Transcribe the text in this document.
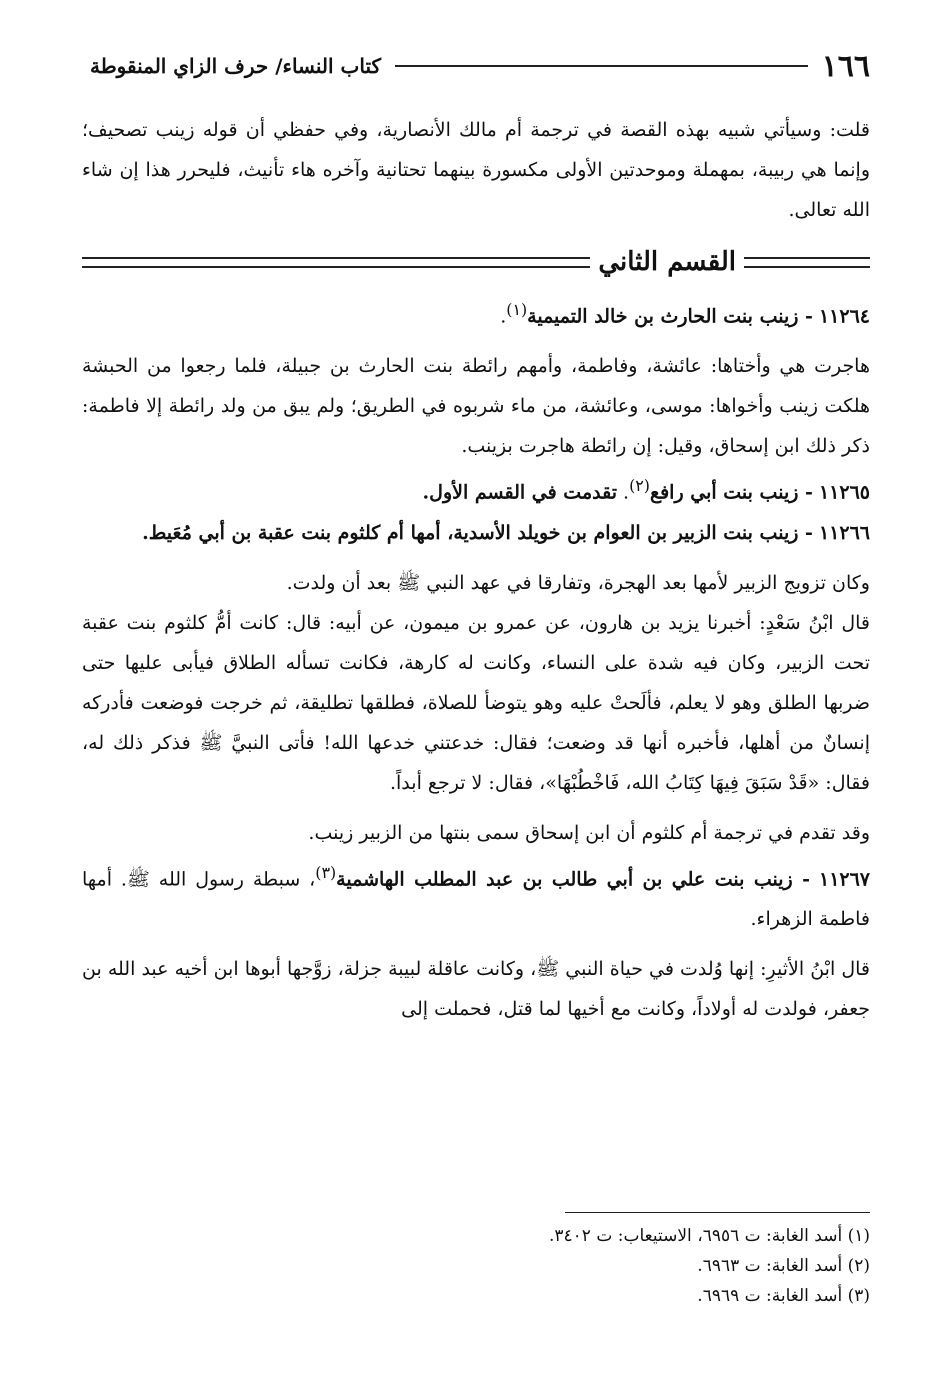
كتاب النساء/ حرف الزاي المنقوطة	١٦٦

قلت: وسيأتي شبيه بهذه القصة في ترجمة أم مالك الأنصارية، وفي حفظي أن قوله زينب تصحيف؛ وإنما هي ربيبة، بمهملة وموحدتين الأولى مكسورة بينهما تحتانية وآخره هاء تأنيث، فليحرر هذا إن شاء الله تعالى.

القسم الثاني

١١٢٦٤ - زينب بنت الحارث بن خالد التميمية$^{(١)}$.

هاجرت هي وأختاها: عائشة، وفاطمة، وأمهم رائطة بنت الحارث بن جبيلة، فلما رجعوا من الحبشة هلكت زينب وأخواها: موسى، وعائشة، من ماء شربوه في الطريق؛ ولم يبق من ولد رائطة إلا فاطمة: ذكر ذلك ابن إسحاق، وقيل: إن رائطة هاجرت بزينب.

١١٢٦٥ - زينب بنت أبي رافع$^{(٢)}$. تقدمت في القسم الأول.

١١٢٦٦ - زينب بنت الزبير بن العوام بن خويلد الأسدية، أمها أم كلثوم بنت عقبة بن أبي مُعَيط.

وكان تزويج الزبير لأمها بعد الهجرة، وتفارقا في عهد النبي ﷺ بعد أن ولدت.

قال ابْنُ سَعْدٍ: أخبرنا يزيد بن هارون، عن عمرو بن ميمون، عن أبيه: قال: كانت أمُّ كلثوم بنت عقبة تحت الزبير، وكان فيه شدة على النساء، وكانت له كارهة، فكانت تسأله الطلاق فيأبى عليها حتى ضربها الطلق وهو لا يعلم، فألَحتْ عليه وهو يتوضأ للصلاة، فطلقها تطليقة، ثم خرجت فوضعت فأدركه إنسانٌ من أهلها، فأخبره أنها قد وضعت؛ فقال: خدعتني خدعها الله! فأتى النبيَّ ﷺ فذكر ذلك له، فقال: «قَدْ سَبَقَ فِيهَا كِتَابُ الله، فَاخْطُبْهَا»، فقال: لا ترجع أبداً.

وقد تقدم في ترجمة أم كلثوم أن ابن إسحاق سمى بنتها من الزبير زينب.

١١٢٦٧ - زينب بنت علي بن أبي طالب بن عبد المطلب الهاشمية$^{(٣)}$، سبطة رسول الله ﷺ. أمها فاطمة الزهراء.

قال ابْنُ الأثيرِ: إنها وُلدت في حياة النبي ﷺ، وكانت عاقلة لبيبة جزلة، زوَّجها أبوها ابن أخيه عبد الله بن جعفر، فولدت له أولاداً، وكانت مع أخيها لما قتل، فحملت إلى

(١) أسد الغابة: ت ٦٩٥٦، الاستيعاب: ت ٣٤٠٢.

(٢) أسد الغابة: ت ٦٩٦٣.

(٣) أسد الغابة: ت ٦٩٦٩.
